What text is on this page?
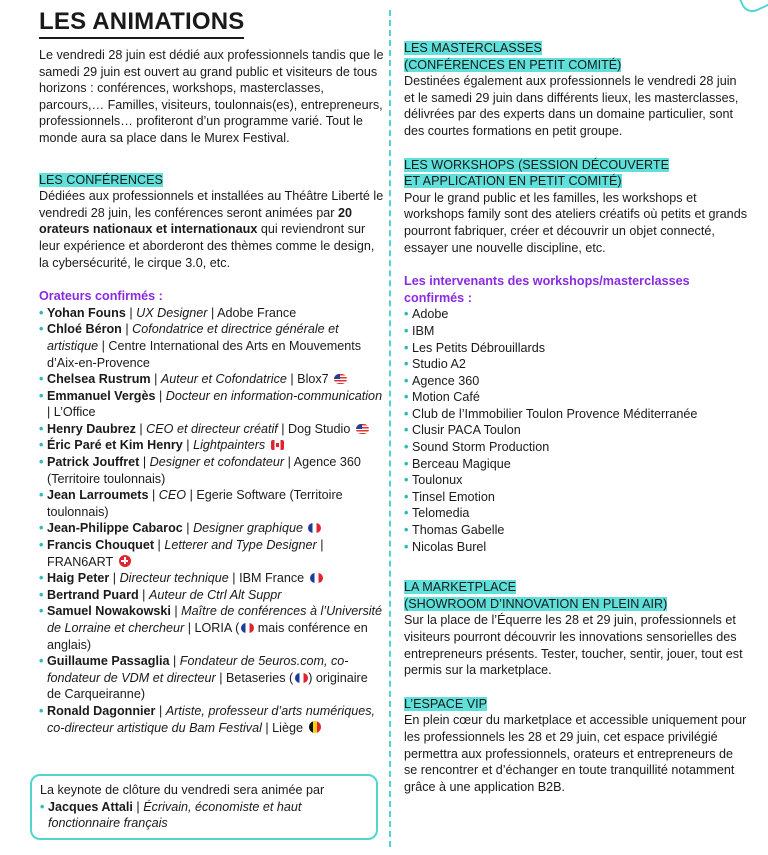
LES ANIMATIONS

Le vendredi 28 juin est dédié aux professionnels tandis que le samedi 29 juin est ouvert au grand public et visiteurs de tous horizons : conférences, workshops, masterclasses, parcours,… Familles, visiteurs, toulonnais(es), entrepreneurs, professionnels… profiteront d’un programme varié. Tout le monde aura sa place dans le Murex Festival.

LES CONFÉRENCES

Dédiées aux professionnels et installées au Théâtre Liberté le vendredi 28 juin, les conférences seront animées par 20 orateurs nationaux et internationaux qui reviendront sur leur expérience et aborderont des thèmes comme le design, la cybersécurité, le cirque 3.0, etc.

Orateurs confirmés :

• Yohan Founs | UX Designer | Adobe France
• Chloé Béron | Cofondatrice et directrice générale et artistique | Centre International des Arts en Mouvements d’Aix-en-Provence
• Chelsea Rustrum | Auteur et Cofondatrice | Blox7
• Emmanuel Vergès | Docteur en information-communication | L’Office
• Henry Daubrez | CEO et directeur créatif | Dog Studio
• Éric Paré et Kim Henry | Lightpainters
• Patrick Jouffret | Designer et cofondateur | Agence 360 (Territoire toulonnais)
• Jean Larroumets | CEO | Egerie Software (Territoire toulonnais)
• Jean-Philippe Cabaroc | Designer graphique
• Francis Chouquet | Letterer and Type Designer | FRAN6ART
• Haig Peter | Directeur technique | IBM France
• Bertrand Puard | Auteur de Ctrl Alt Suppr
• Samuel Nowakowski | Maître de conférences à l’Université de Lorraine et chercheur | LORIA ( mais conférence en anglais)
• Guillaume Passaglia | Fondateur de 5euros.com, co-fondateur de VDM et directeur | Betaseries ( ) originaire de Carqueiranne)
• Ronald Dagonnier | Artiste, professeur d’arts numériques, co-directeur artistique du Bam Festival | Liège

La keynote de clôture du vendredi sera animée par

• Jacques Attali | Écrivain, économiste et haut fonctionnaire français

LES MASTERCLASSES
(CONFÉRENCES EN PETIT COMITÉ)

Destinées également aux professionnels le vendredi 28 juin et le samedi 29 juin dans différents lieux, les masterclasses, délivrées par des experts dans un domaine particulier, sont des courtes formations en petit groupe.

LES WORKSHOPS (SESSION DÉCOUVERTE
ET APPLICATION EN PETIT COMITÉ)

Pour le grand public et les familles, les workshops et workshops family sont des ateliers créatifs où petits et grands pourront fabriquer, créer et découvrir un objet connecté, essayer une nouvelle discipline, etc.

Les intervenants des workshops/masterclasses confirmés :

• Adobe
• IBM
• Les Petits Débrouillards
• Studio A2
• Agence 360
• Motion Café
• Club de l’Immobilier Toulon Provence Méditerranée
• Clusir PACA Toulon
• Sound Storm Production
• Berceau Magique
• Toulonux
• Tinsel Emotion
• Telomedia
• Thomas Gabelle
• Nicolas Burel

LA MARKETPLACE
(SHOWROOM D’INNOVATION EN PLEIN AIR)

Sur la place de l’Équerre les 28 et 29 juin, professionnels et visiteurs pourront découvrir les innovations sensorielles des entrepreneurs présents. Tester, toucher, sentir, jouer, tout est permis sur la marketplace.

L’ESPACE VIP

En plein cœur du marketplace et accessible uniquement pour les professionnels les 28 et 29 juin, cet espace privilégié permettra aux professionnels, orateurs et entrepreneurs de se rencontrer et d’échanger en toute tranquillité notamment grâce à une application B2B.
